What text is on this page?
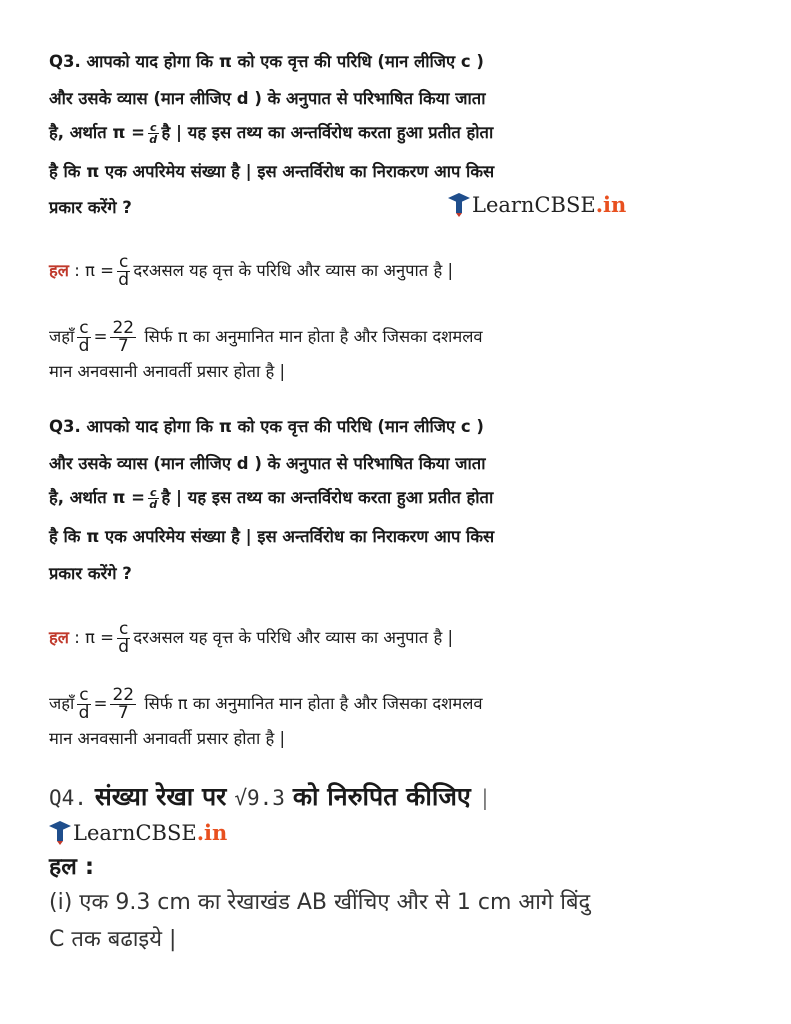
Q3. आपको याद होगा कि π को एक वृत्त की परिधि (मान लीजिए c )
और उसके व्यास (मान लीजिए d ) के अनुपात से परिभाषित किया जाता
है, अर्थात $\pi = \frac{c}{d}$ है | यह इस तथ्य का अन्तर्विरोध करता हुआ प्रतीत होता
है कि π एक अपरिमेय संख्या है | इस अन्तर्विरोध का निराकरण आप किस
प्रकार करेंगे ?	LearnCBSE .in
हल : $\pi = \frac{c}{d}$ दरअसल यह वृत्त के परिधि और व्यास का अनुपात है |
जहाँ $\frac{c}{d} = \frac{22}{7}$ सिर्फ π का अनुमानित मान होता है और जिसका दशमलव
मान अनवसानी अनावर्ती प्रसार होता है |
Q3. आपको याद होगा कि π को एक वृत्त की परिधि (मान लीजिए c )
और उसके व्यास (मान लीजिए d ) के अनुपात से परिभाषित किया जाता
है, अर्थात $\pi = \frac{c}{d}$ है | यह इस तथ्य का अन्तर्विरोध करता हुआ प्रतीत होता
है कि π एक अपरिमेय संख्या है | इस अन्तर्विरोध का निराकरण आप किस
प्रकार करेंगे ?
हल : $\pi = \frac{c}{d}$ दरअसल यह वृत्त के परिधि और व्यास का अनुपात है |
जहाँ $\frac{c}{d} = \frac{22}{7}$ सिर्फ π का अनुमानित मान होता है और जिसका दशमलव
मान अनवसानी अनावर्ती प्रसार होता है |
Q4. संख्या रेखा पर √9.3 को निरुपित कीजिए |
LearnCBSE .in
हल :
(i) एक 9.3 cm का रेखाखंड AB खींचिए और से 1 cm आगे बिंदु
C तक बढाइये |
